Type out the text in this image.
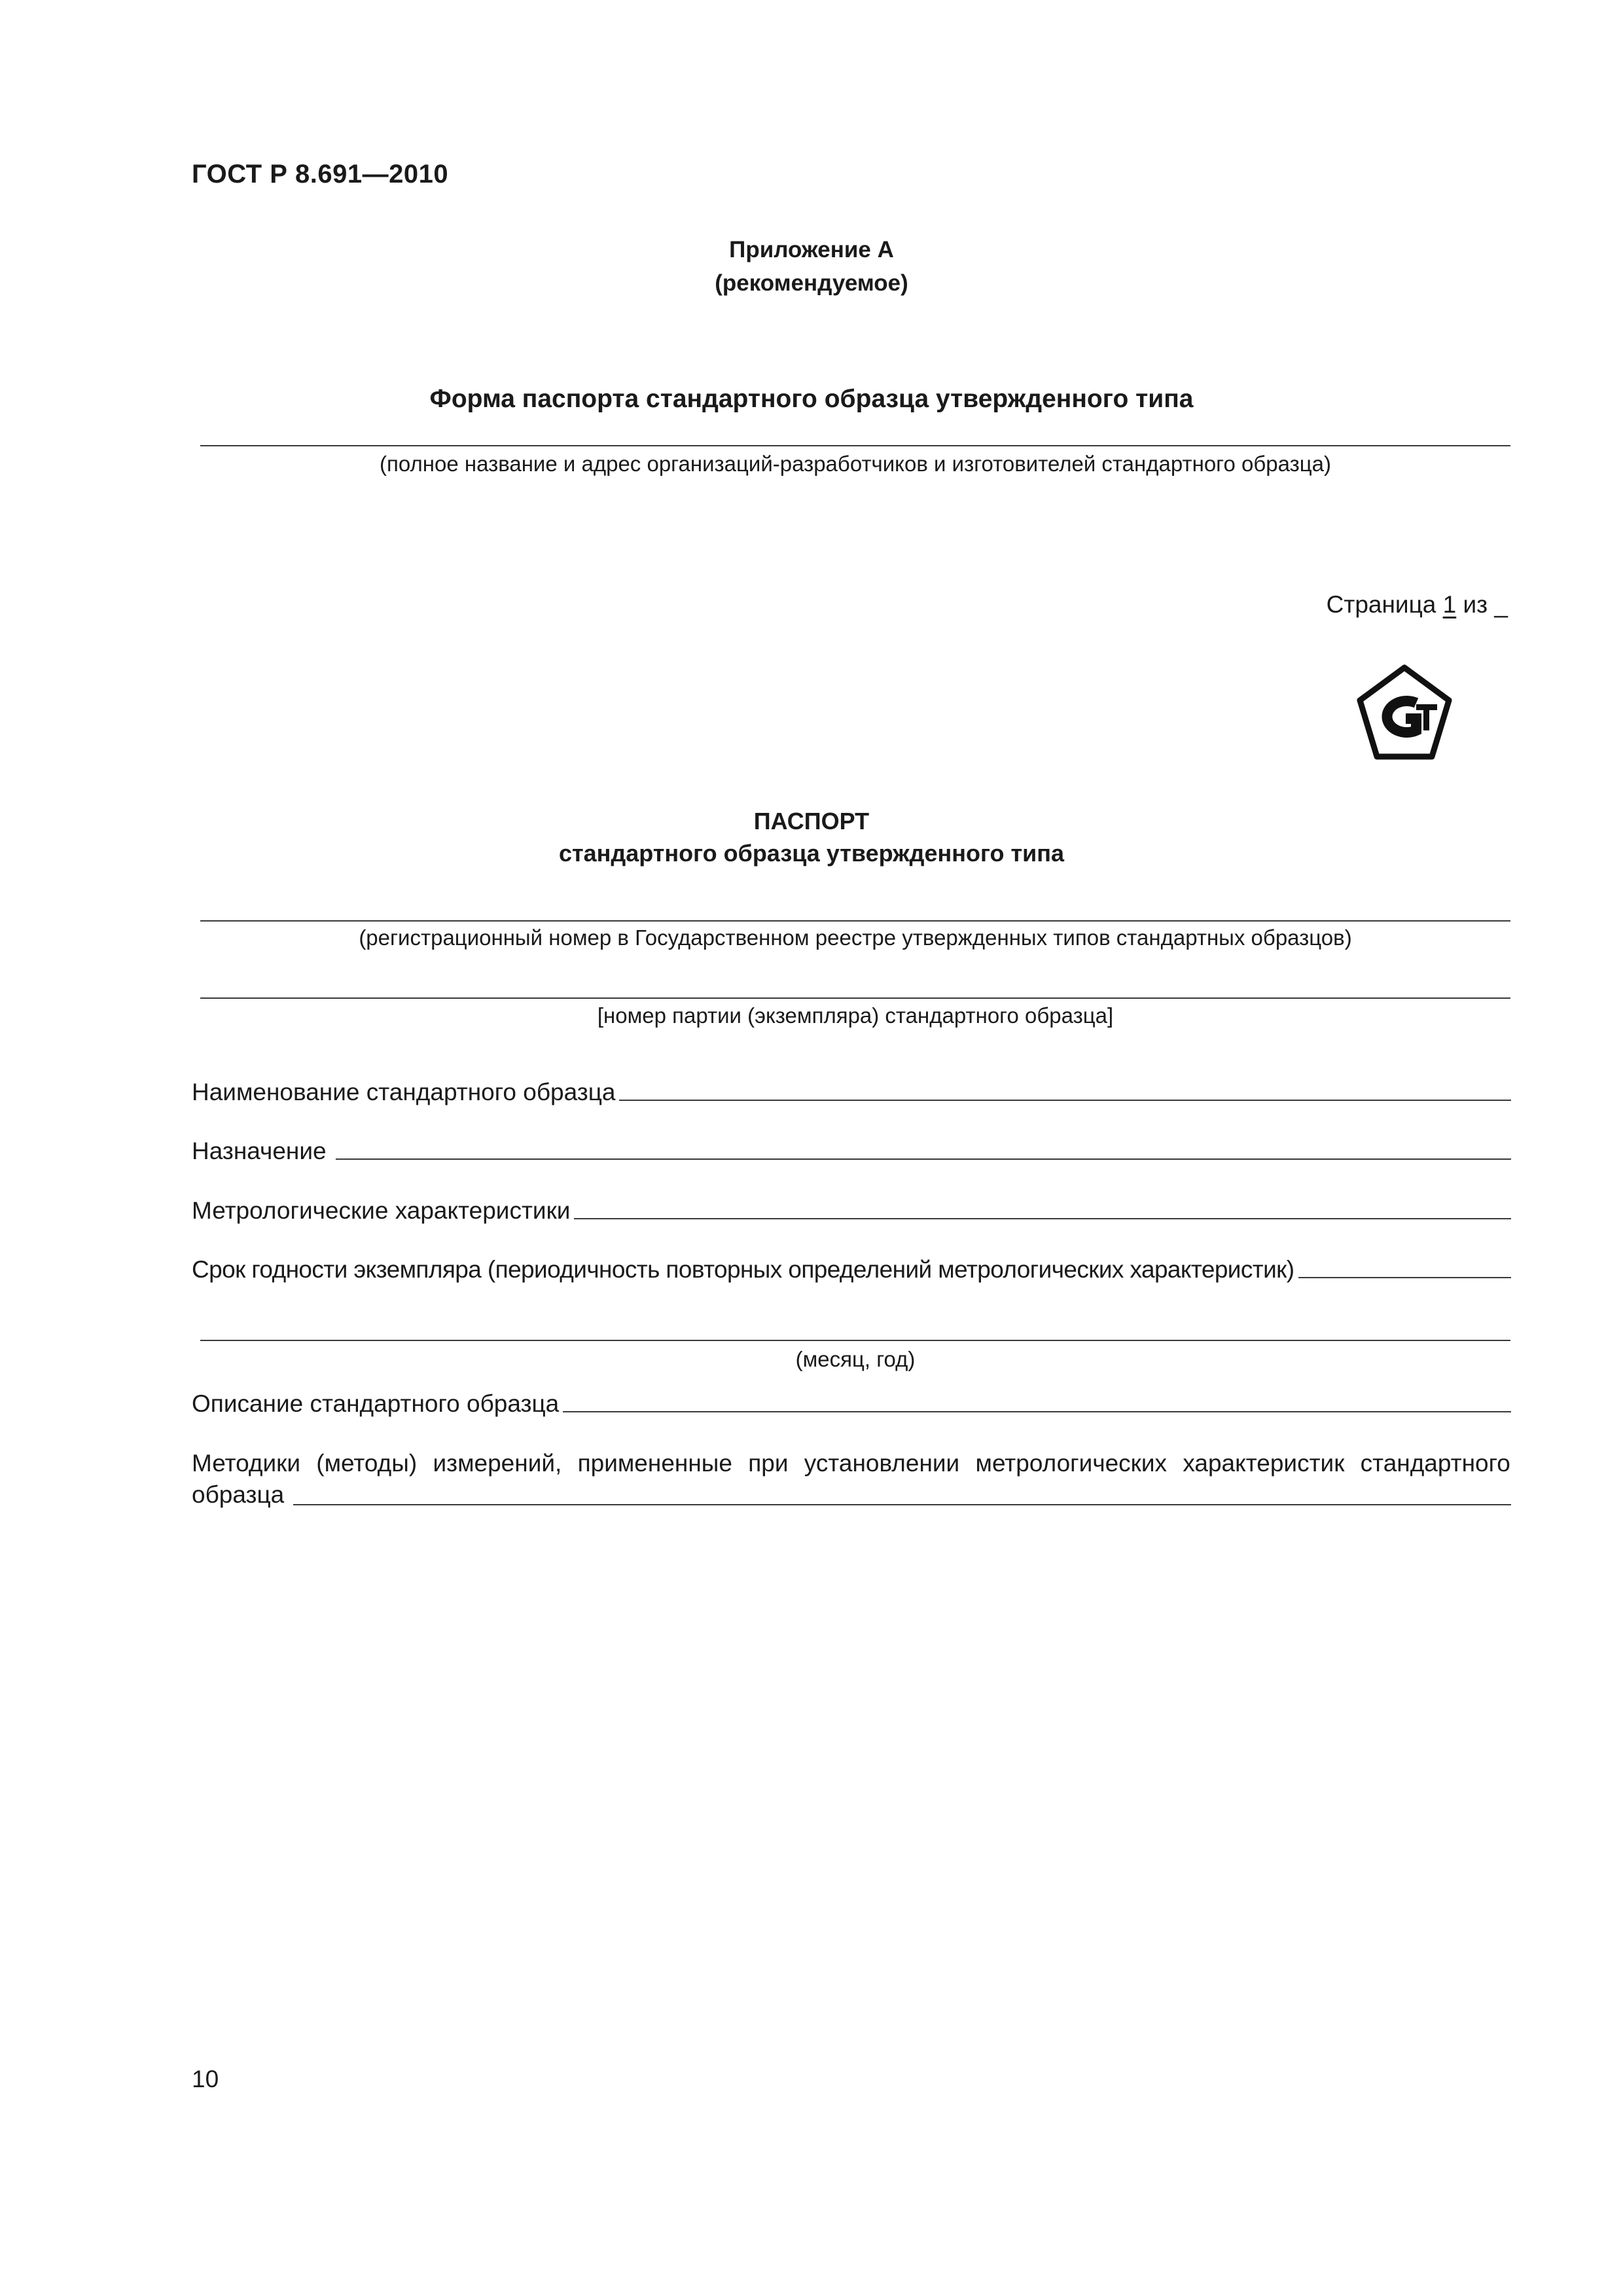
ГОСТ Р 8.691—2010
Приложение А
(рекомендуемое)
Форма паспорта стандартного образца утвержденного типа
(полное название и адрес организаций-разработчиков и изготовителей стандартного образца)
Страница 1 из _
ПАСПОРТ
стандартного образца утвержденного типа
(регистрационный номер в Государственном реестре утвержденных типов стандартных образцов)
[номер партии (экземпляра) стандартного образца]
Наименование стандартного образца
Назначение
Метрологические характеристики
Срок годности экземпляра (периодичность повторных определений метрологических характеристик)
(месяц, год)
Описание стандартного образца
Методики (методы) измерений, примененные при установлении метрологических характеристик стандартного
образца
10
